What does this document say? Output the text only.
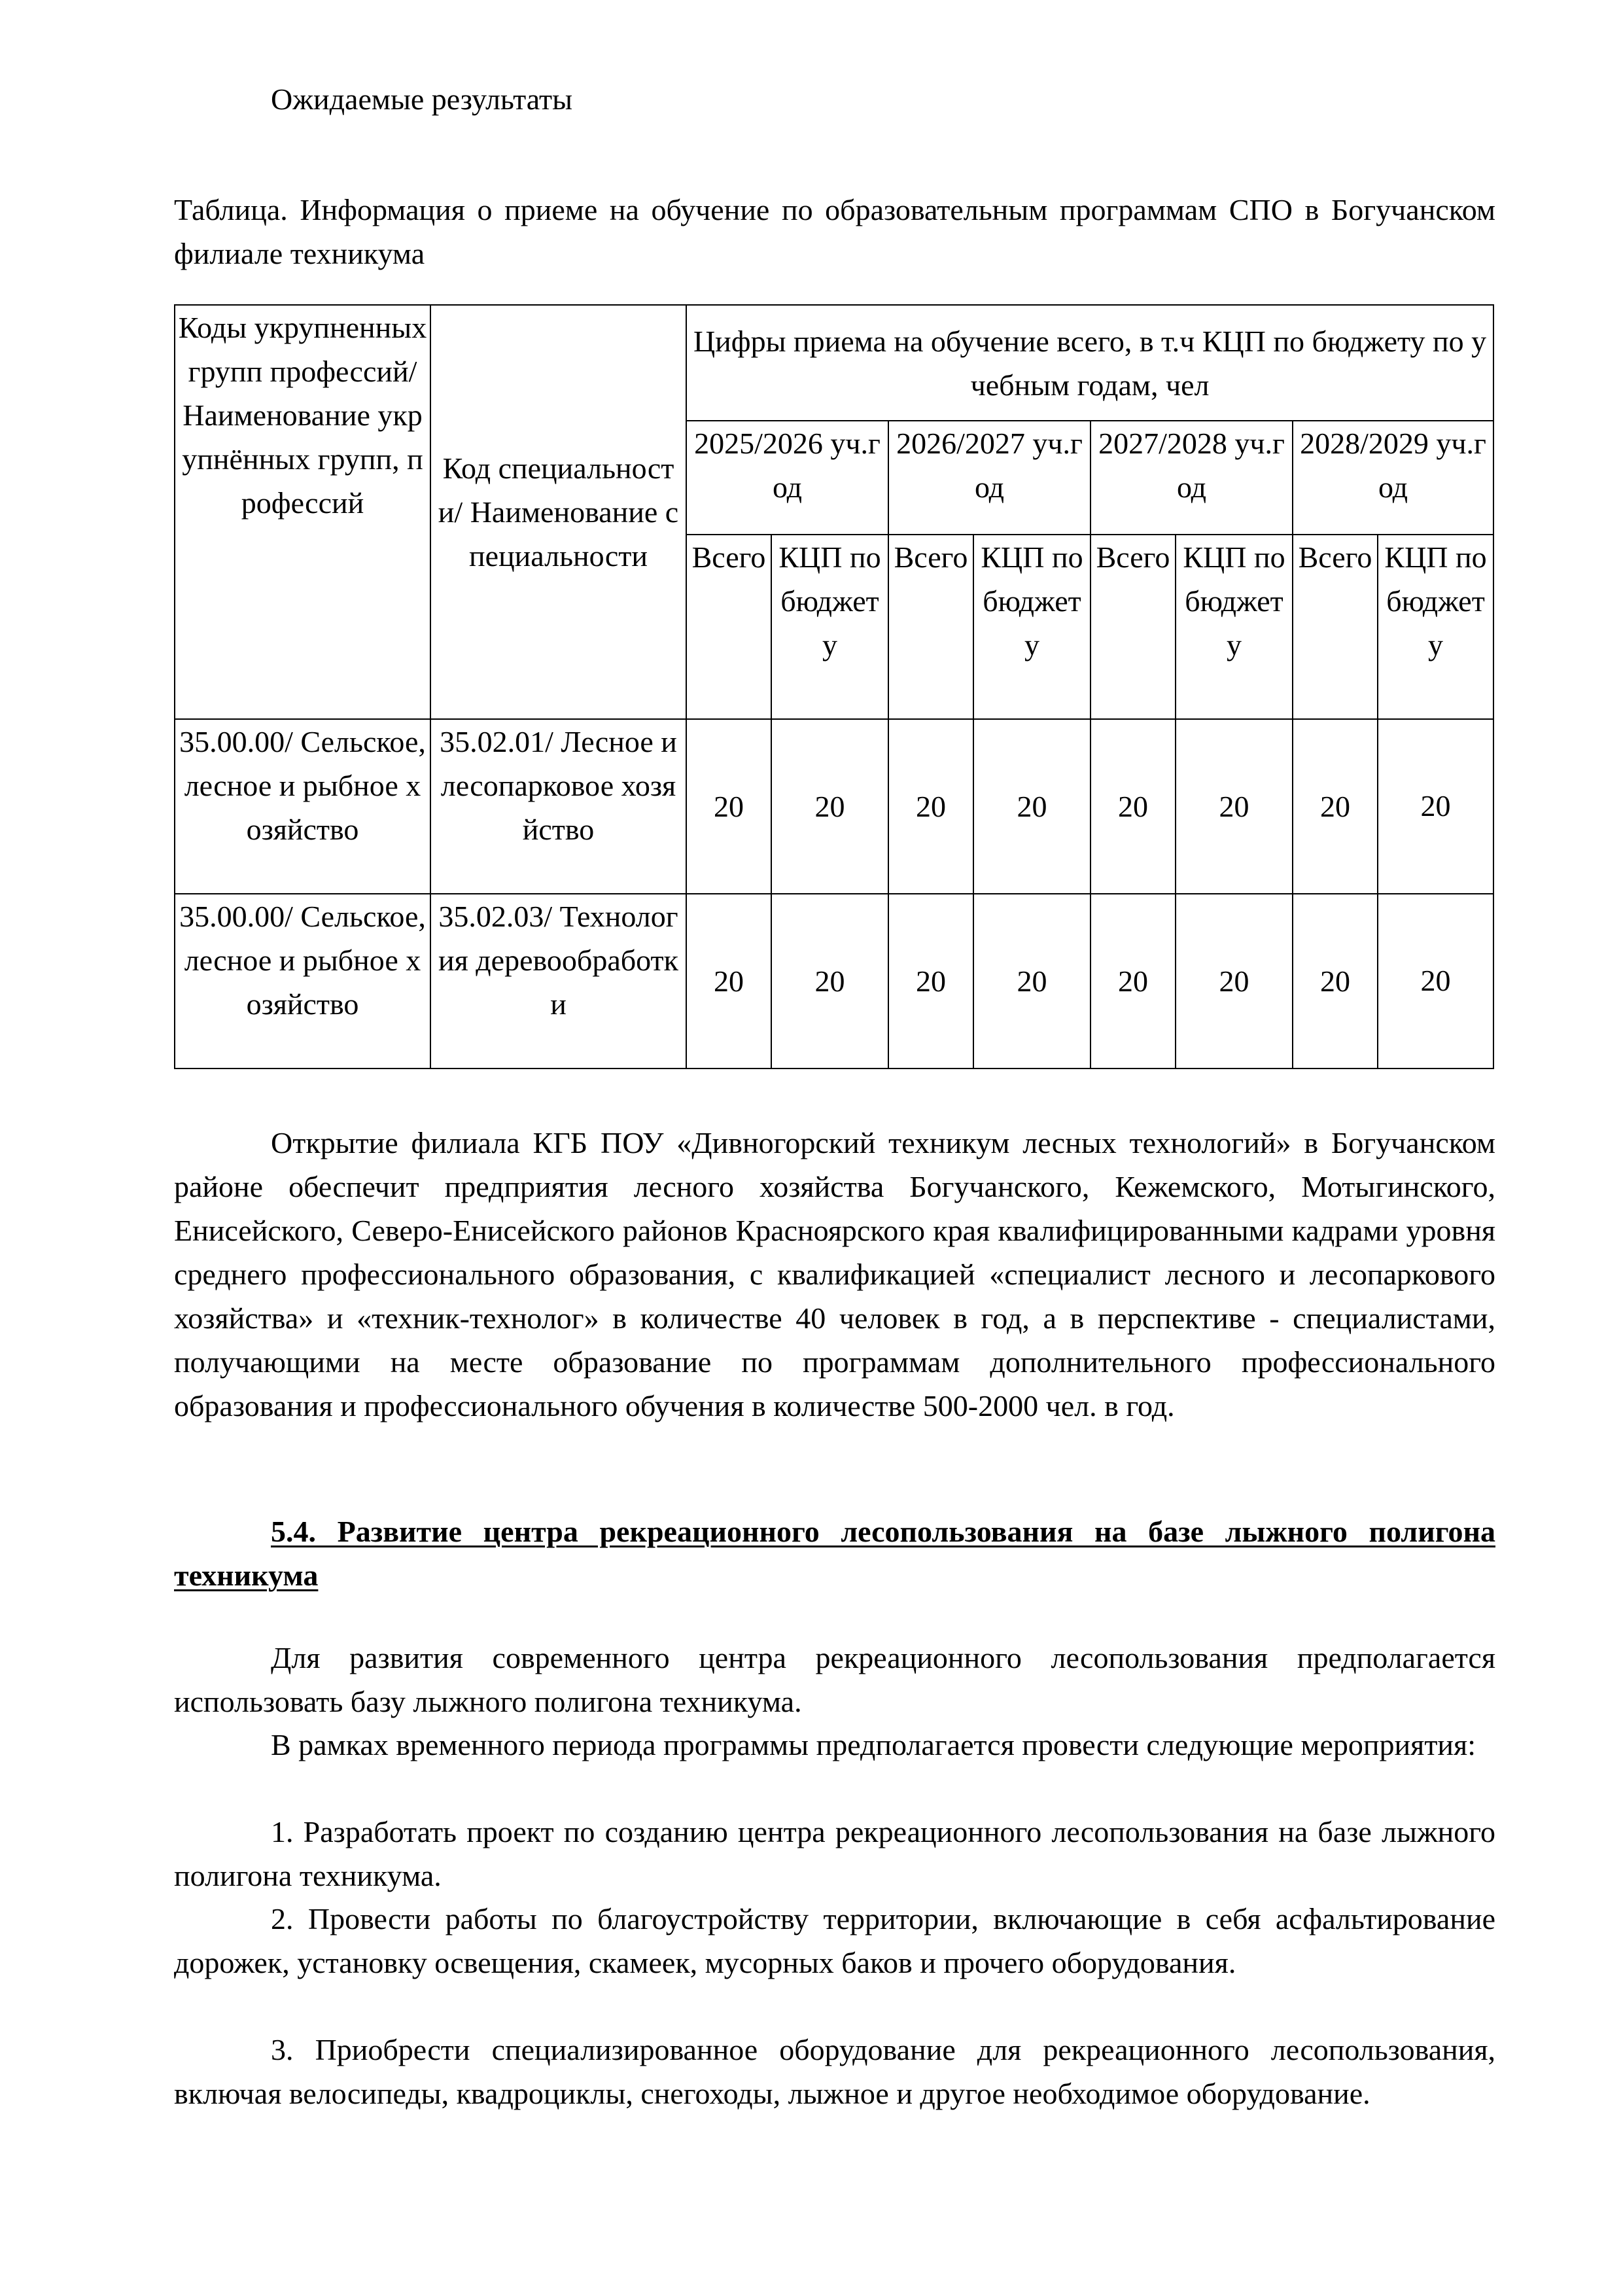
Ожидаемые результаты

Таблица. Информация о приеме на обучение по образовательным программам СПО в Богучанском филиале техникума

Коды укрупненных групп профессий/ Наименование укрупнённых групп, профессий	Код специальности/ Наименование специальности	Цифры приема на обучение всего, в т.ч КЦП по бюджету по учебным годам, чел							
		2025/2026 уч.год		2026/2027 уч.год		2027/2028 уч.год		2028/2029 уч.год	
		Всего	КЦП по бюджету	Всего	КЦП по бюджету	Всего	КЦП по бюджету	Всего	КЦП по бюджету
35.00.00/ Сельское, лесное и рыбное хозяйство	35.02.01/ Лесное и лесопарковое хозяйство	20	20	20	20	20	20	20	20
35.00.00/ Сельское, лесное и рыбное хозяйство	35.02.03/ Технология деревообработки	20	20	20	20	20	20	20	20

Открытие филиала КГБ ПОУ «Дивногорский техникум лесных технологий» в Богучанском районе обеспечит предприятия лесного хозяйства Богучанского, Кежемского, Мотыгинского, Енисейского, Северо-Енисейского районов Красноярского края квалифицированными кадрами уровня среднего профессионального образования, с квалификацией «специалист лесного и лесопаркового хозяйства» и «техник-технолог» в количестве 40 человек в год, а в перспективе - специалистами, получающими на месте образование по программам дополнительного профессионального образования и профессионального обучения в количестве 500-2000 чел. в год.

5.4. Развитие центра рекреационного лесопользования на базе лыжного полигона техникума

Для развития современного центра рекреационного лесопользования предполагается использовать базу лыжного полигона техникума.

В рамках временного периода программы предполагается провести следующие мероприятия:

1. Разработать проект по созданию центра рекреационного лесопользования на базе лыжного полигона техникума.

2. Провести работы по благоустройству территории, включающие в себя асфальтирование дорожек, установку освещения, скамеек, мусорных баков и прочего оборудования.

3. Приобрести специализированное оборудование для рекреационного лесопользования, включая велосипеды, квадроциклы, снегоходы, лыжное и другое необходимое оборудование.
